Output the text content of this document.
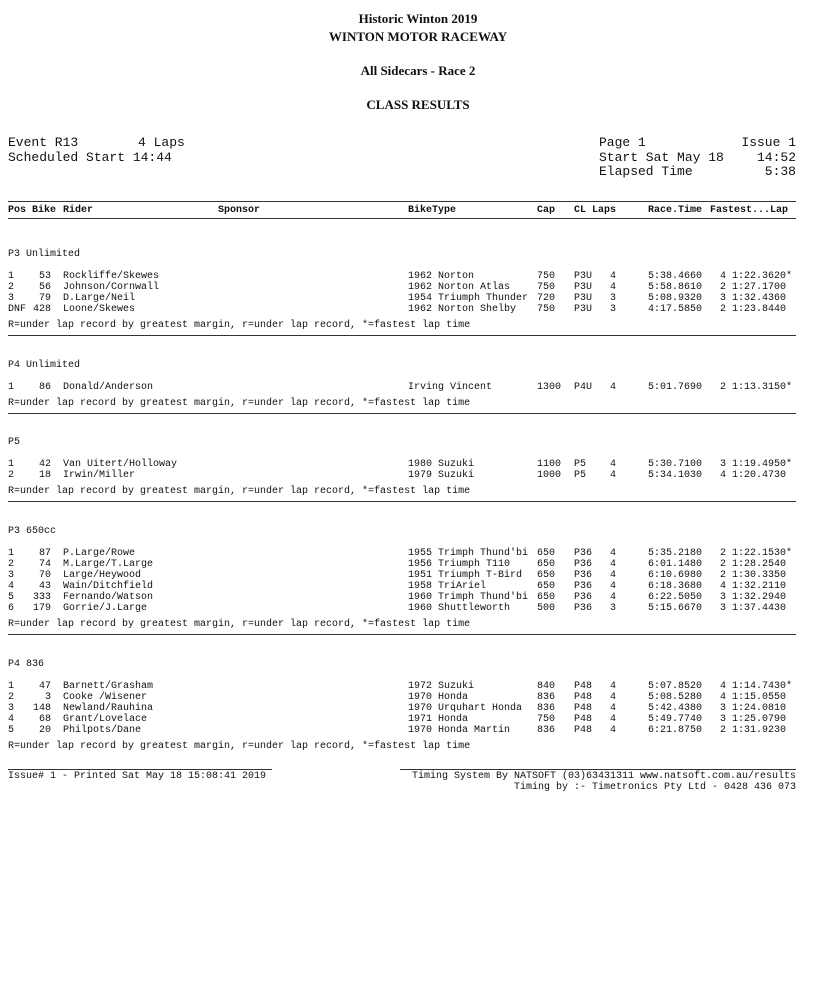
Historic Winton 2019
WINTON MOTOR RACEWAY
All Sidecars - Race 2
CLASS RESULTS
Event R13	4 Laps
Scheduled Start 14:44
Page 1	Issue 1
Start Sat May 18	14:52
Elapsed Time	5:38
Pos Bike Rider	Sponsor	BikeType	Cap CL Laps	Race.Time Fastest...Lap
P3 Unlimited
1	53 Rockliffe/Skewes	1962 Norton	750 P3U 4	5:38.4660 4 1:22.3620*
2	56 Johnson/Cornwall	1962 Norton Atlas	750 P3U 4	5:58.8610 2 1:27.1700
3	79 D.Large/Neil	1954 Triumph Thunder 720 P3U 3	5:08.9320 3 1:32.4360
DNF 428 Loone/Skewes	1962 Norton Shelby 750 P3U 3	4:17.5850 2 1:23.8440
R=under lap record by greatest margin, r=under lap record, *=fastest lap time
P4 Unlimited
1	86 Donald/Anderson	Irving Vincent	1300 P4U 4	5:01.7690 2 1:13.3150*
R=under lap record by greatest margin, r=under lap record, *=fastest lap time
P5
1	42 Van Uitert/Holloway	1980 Suzuki	1100 P5 4	5:30.7100 3 1:19.4950*
2	18 Irwin/Miller	1979 Suzuki	1000 P5 4	5:34.1030 4 1:20.4730
R=under lap record by greatest margin, r=under lap record, *=fastest lap time
P3 650cc
1	87 P.Large/Rowe	1955 Trimph Thund'bi 650 P36 4	5:35.2180 2 1:22.1530*
2	74 M.Large/T.Large	1956 Triumph T110	650 P36 4	6:01.1480 2 1:28.2540
3	70 Large/Heywood	1951 Triumph T-Bird 650 P36 4	6:10.6980 2 1:30.3350
4	43 Wain/Ditchfield	1958 TriAriel	650 P36 4	6:18.3680 4 1:32.2110
5	333 Fernando/Watson	1960 Trimph Thund'bi 650 P36 4	6:22.5050 3 1:32.2940
6	179 Gorrie/J.Large	1960 Shuttleworth	500 P36 3	5:15.6670 3 1:37.4430
R=under lap record by greatest margin, r=under lap record, *=fastest lap time
P4 836
1	47 Barnett/Grasham	1972 Suzuki	840 P48 4	5:07.8520 4 1:14.7430*
2	3 Cooke /Wisener	1970 Honda	836 P48 4	5:08.5280 4 1:15.0550
3	148 Newland/Rauhina	1970 Urquhart Honda 836 P48 4	5:42.4380 3 1:24.0810
4	68 Grant/Lovelace	1971 Honda	750 P48 4	5:49.7740 3 1:25.0790
5	20 Philpots/Dane	1970 Honda Martin	836 P48 4	6:21.8750 2 1:31.9230
R=under lap record by greatest margin, r=under lap record, *=fastest lap time
Issue# 1 - Printed Sat May 18 15:08:41 2019	Timing System By NATSOFT (03)63431311 www.natsoft.com.au/results
Timing by :- Timetronics Pty Ltd - 0428 436 073
